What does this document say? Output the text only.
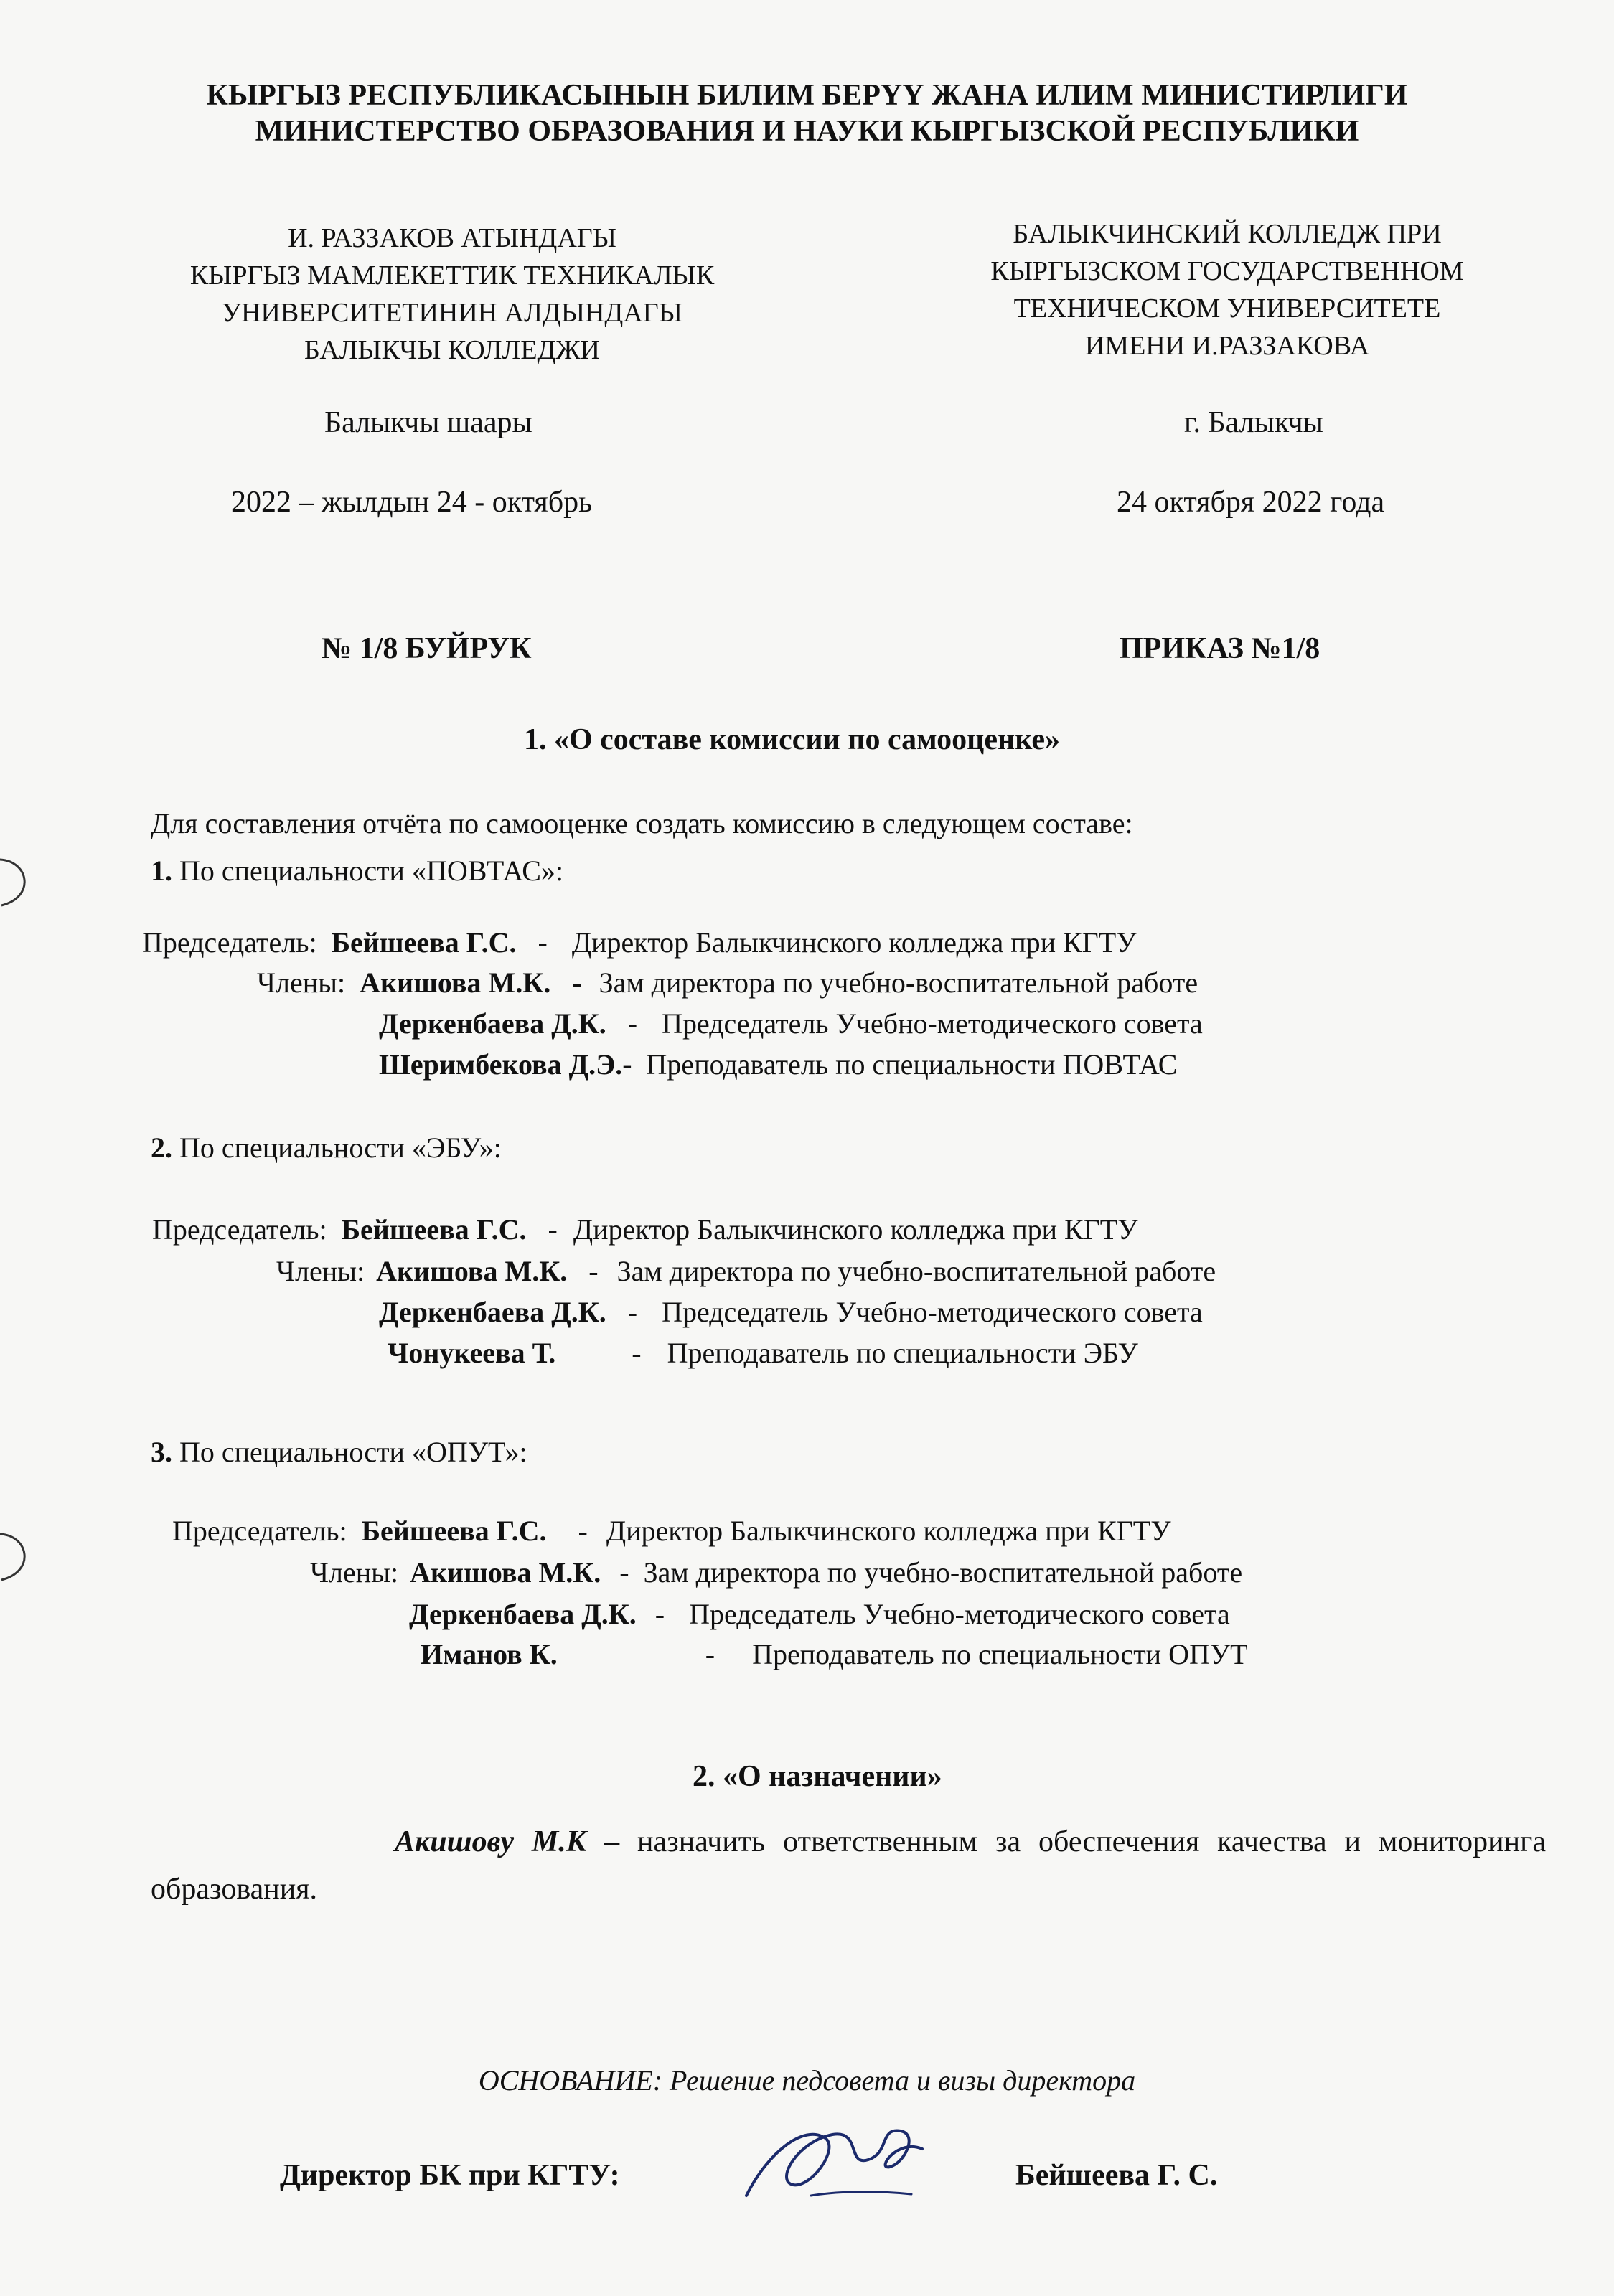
КЫРГЫЗ РЕСПУБЛИКАСЫНЫН БИЛИМ БЕРҮҮ ЖАНА ИЛИМ МИНИСТИРЛИГИ
МИНИСТЕРСТВО ОБРАЗОВАНИЯ И НАУКИ КЫРГЫЗСКОЙ РЕСПУБЛИКИ
И. РАЗЗАКОВ АТЫНДАГЫ
КЫРГЫЗ МАМЛЕКЕТТИК ТЕХНИКАЛЫК
УНИВЕРСИТЕТИНИН АЛДЫНДАГЫ
БАЛЫКЧЫ КОЛЛЕДЖИ
БАЛЫКЧИНСКИЙ КОЛЛЕДЖ ПРИ
КЫРГЫЗСКОМ ГОСУДАРСТВЕННОМ
ТЕХНИЧЕСКОМ УНИВЕРСИТЕТЕ
ИМЕНИ И.РАЗЗАКОВА
Балыкчы шаары	г. Балыкчы
2022 – жылдын 24 - октябрь	24 октября 2022 года
№ 1/8 БУЙРУК	ПРИКАЗ №1/8
1. «О составе комиссии по самооценке»
Для составления отчёта по самооценке создать комиссию в следующем составе:
1. По специальности «ПОВТАС»:
Председатель: Бейшеева Г.С. - Директор Балыкчинского колледжа при КГТУ
Члены: Акишова М.К. - Зам директора по учебно-воспитательной работе
Деркенбаева Д.К. - Председатель Учебно-методического совета
Шеримбекова Д.Э.- Преподаватель по специальности ПОВТАС
2. По специальности «ЭБУ»:
Председатель: Бейшеева Г.С. - Директор Балыкчинского колледжа при КГТУ
Члены: Акишова М.К. - Зам директора по учебно-воспитательной работе
Деркенбаева Д.К. - Председатель Учебно-методического совета
Чонукеева Т.	- Преподаватель по специальности ЭБУ
3. По специальности «ОПУТ»:
Председатель: Бейшеева Г.С. - Директор Балыкчинского колледжа при КГТУ
Члены: Акишова М.К. - Зам директора по учебно-воспитательной работе
Деркенбаева Д.К. - Председатель Учебно-методического совета
Иманов К.	- Преподаватель по специальности ОПУТ
2. «О назначении»
Акишову М.К – назначить ответственным за обеспечения качества и мониторинга образования.
ОСНОВАНИЕ: Решение педсовета и визы директора
Директор БК при КГТУ:	Бейшеева Г. С.
